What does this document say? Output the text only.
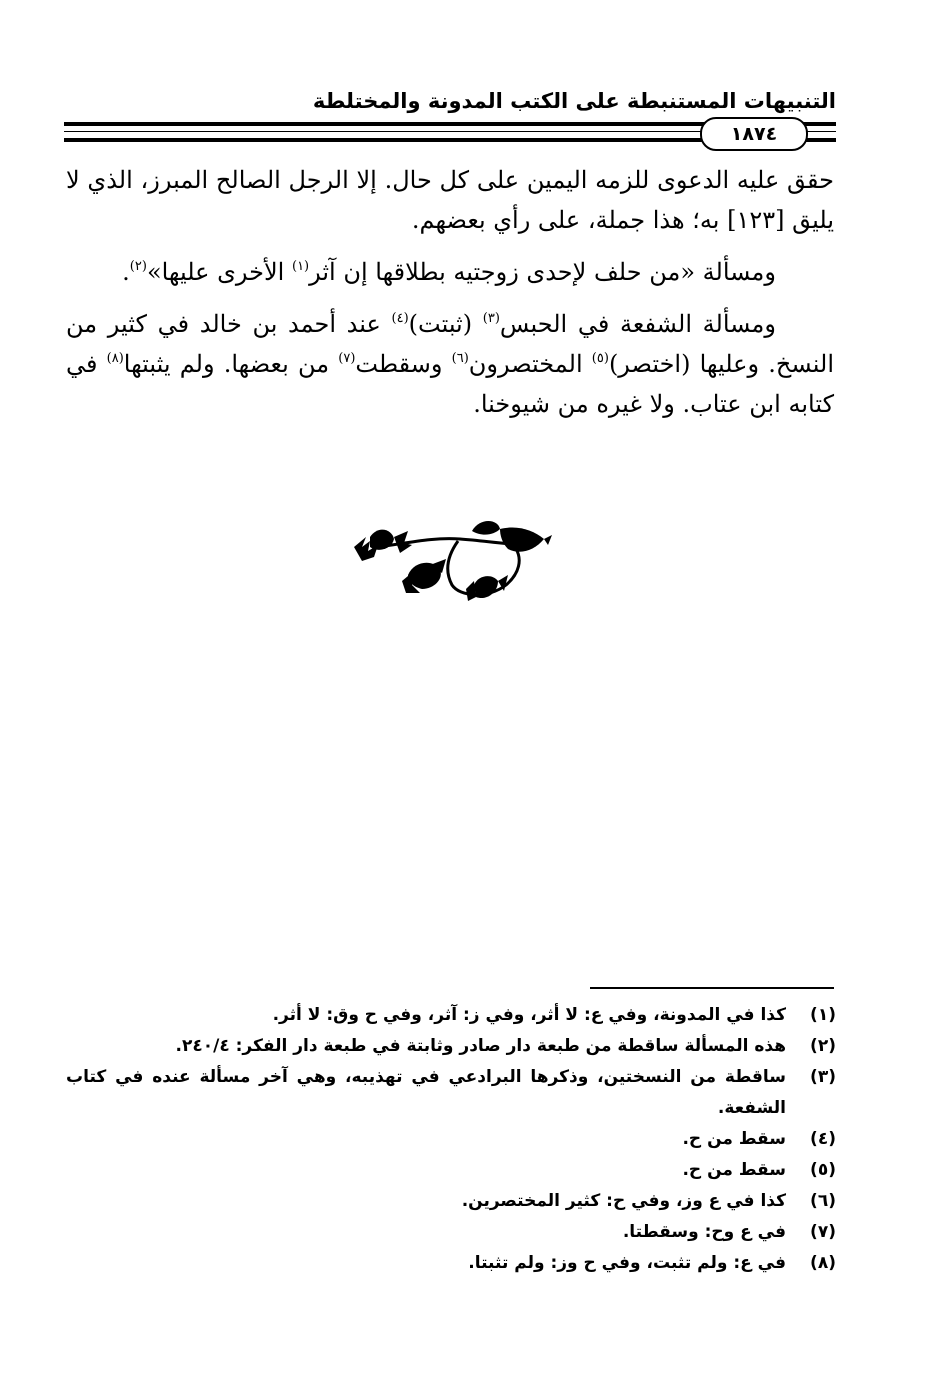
التنبيهات المستنبطة على الكتب المدونة والمختلطة
١٨٧٤

حقق عليه الدعوى للزمه اليمين على كل حال. إلا الرجل الصالح المبرز، الذي لا يليق [١٢٣] به؛ هذا جملة، على رأي بعضهم.

ومسألة «من حلف لإحدى زوجتيه بطلاقها إن آثر$^{(١)}$ الأخرى عليها»$^{(٢)}$.

ومسألة الشفعة في الحبس$^{(٣)}$ (ثبتت)$^{(٤)}$ عند أحمد بن خالد في كثير من النسخ. وعليها (اختصر)$^{(٥)}$ المختصرون$^{(٦)}$ وسقطت$^{(٧)}$ من بعضها. ولم يثبتها$^{(٨)}$ في كتابه ابن عتاب. ولا غيره من شيوخنا.

(١)
كذا في المدونة، وفي ع: لا أثر، وفي ز: آثر، وفي ح وق: لا أثر.
(٢)
هذه المسألة ساقطة من طبعة دار صادر وثابتة في طبعة دار الفكر: ٢٤٠/٤.
(٣)
ساقطة من النسختين، وذكرها البرادعي في تهذيبه، وهي آخر مسألة عنده في كتاب الشفعة.
(٤)
سقط من ح.
(٥)
سقط من ح.
(٦)
كذا في ع وز، وفي ح: كثير المختصرين.
(٧)
في ع وح: وسقطتا.
(٨)
في ع: ولم تثبت، وفي ح وز: ولم تثبتا.
